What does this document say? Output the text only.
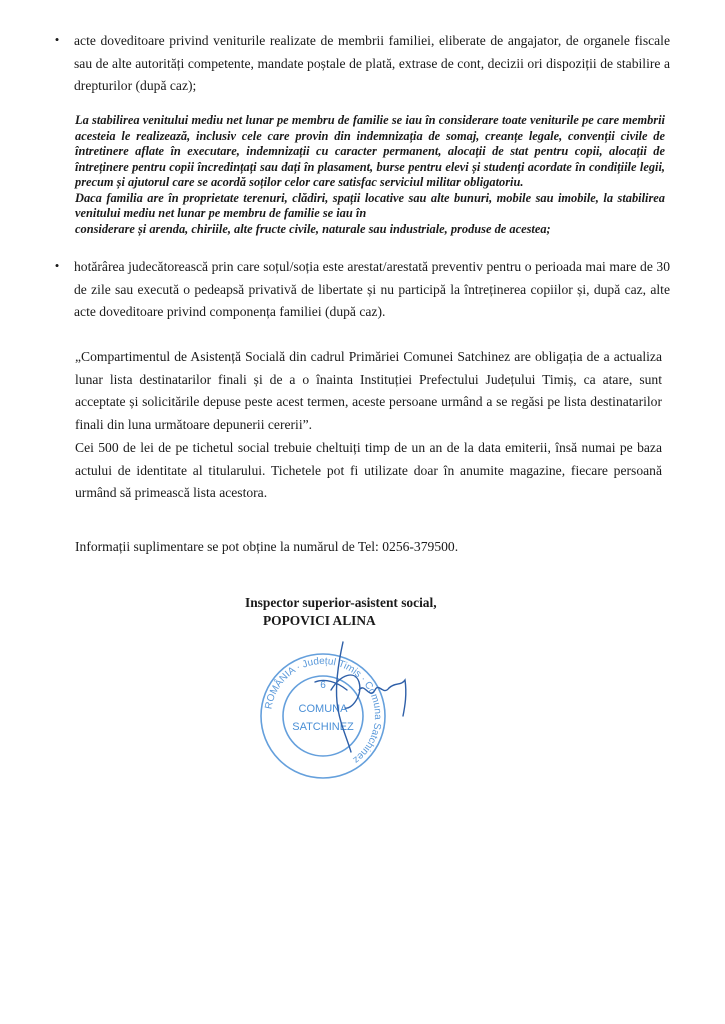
• acte doveditoare privind veniturile realizate de membrii familiei, eliberate de angajator, de organele fiscale sau de alte autorități competente, mandate poștale de plată, extrase de cont, decizii ori dispoziții de stabilire a drepturilor (după caz);

La stabilirea venitului mediu net lunar pe membru de familie se iau în considerare toate veniturile pe care membrii acesteia le realizează, inclusiv cele care provin din indemnizația de somaj, creanțe legale, convenții civile de întretinere aflate în executare, indemnizații cu caracter permanent, alocații de stat pentru copii, alocații de întreținere pentru copii încredințați sau dați în plasament, burse pentru elevi și studenți acordate în condițiile legii, precum și ajutorul care se acordă soților celor care satisfac serviciul militar obligatoriu.

Daca familia are în proprietate terenuri, clădiri, spații locative sau alte bunuri, mobile sau imobile, la stabilirea venitului mediu net lunar pe membru de familie se iau în

considerare și arenda, chiriile, alte fructe civile, naturale sau industriale, produse de acestea;

• hotărârea judecătorească prin care soțul/soția este arestat/arestată preventiv pentru o perioada mai mare de 30 de zile sau execută o pedeapsă privativă de libertate și nu participă la întreținerea copiilor și, după caz, alte acte doveditoare privind componența familiei (după caz).

„Compartimentul de Asistență Socială din cadrul Primăriei Comunei Satchinez are obligația de a actualiza lunar lista destinatarilor finali și de a o înainta Instituției Prefectului Județului Timiș, ca atare, sunt acceptate și solicitările depuse peste acest termen, aceste persoane urmând a se regăsi pe lista destinatarilor finali din luna următoare depunerii cererii”.

Cei 500 de lei de pe tichetul social trebuie cheltuiți timp de un an de la data emiterii, însă numai pe baza actului de identitate al titularului. Tichetele pot fi utilizate doar în anumite magazine, fiecare persoană urmând să primească lista acestora.

Informații suplimentare se pot obține la numărul de Tel: 0256-379500.

Inspector superior-asistent social,
POPOVICI ALINA
ROMÂNIA · Județul Timiș · Comuna Satchinez
6
COMUNA
SATCHINEZ
